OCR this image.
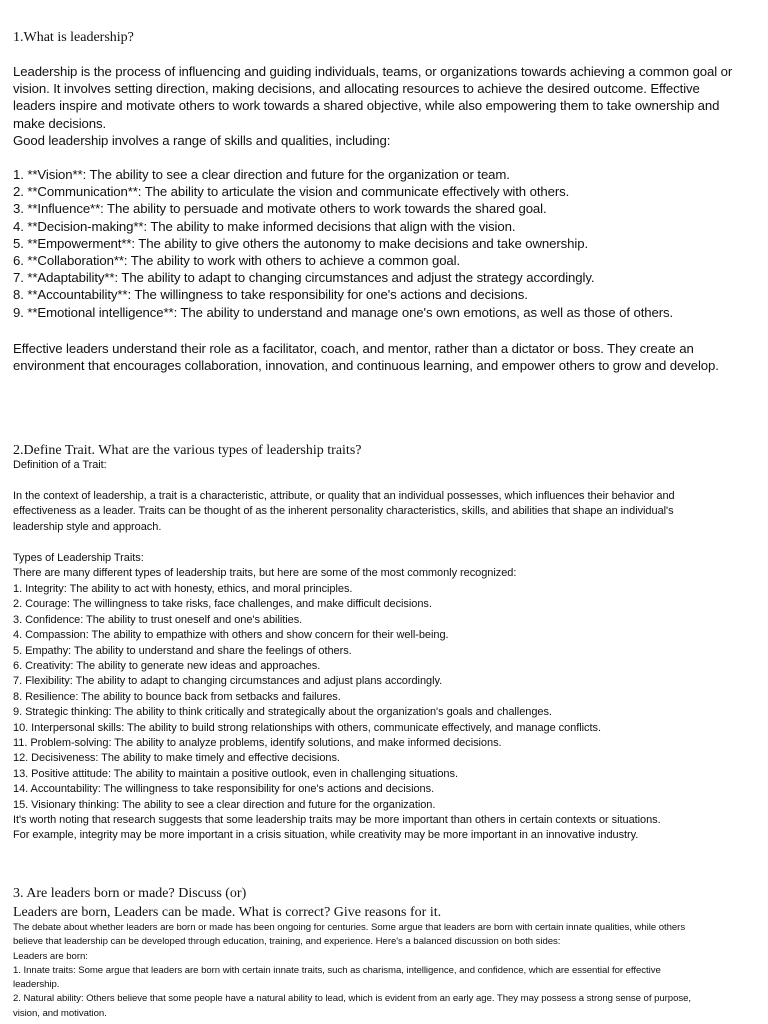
1.What is leadership?
Leadership is the process of influencing and guiding individuals, teams, or organizations towards achieving a common goal or
vision. It involves setting direction, making decisions, and allocating resources to achieve the desired outcome. Effective
leaders inspire and motivate others to work towards a shared objective, while also empowering them to take ownership and
make decisions.
Good leadership involves a range of skills and qualities, including:
1. **Vision**: The ability to see a clear direction and future for the organization or team.
2. **Communication**: The ability to articulate the vision and communicate effectively with others.
3. **Influence**: The ability to persuade and motivate others to work towards the shared goal.
4. **Decision-making**: The ability to make informed decisions that align with the vision.
5. **Empowerment**: The ability to give others the autonomy to make decisions and take ownership.
6. **Collaboration**: The ability to work with others to achieve a common goal.
7. **Adaptability**: The ability to adapt to changing circumstances and adjust the strategy accordingly.
8. **Accountability**: The willingness to take responsibility for one's actions and decisions.
9. **Emotional intelligence**: The ability to understand and manage one's own emotions, as well as those of others.
Effective leaders understand their role as a facilitator, coach, and mentor, rather than a dictator or boss. They create an
environment that encourages collaboration, innovation, and continuous learning, and empower others to grow and develop.
2.Define Trait. What are the various types of leadership traits?
Definition of a Trait:
In the context of leadership, a trait is a characteristic, attribute, or quality that an individual possesses, which influences their behavior and
effectiveness as a leader. Traits can be thought of as the inherent personality characteristics, skills, and abilities that shape an individual's
leadership style and approach.
Types of Leadership Traits:
There are many different types of leadership traits, but here are some of the most commonly recognized:
1. Integrity: The ability to act with honesty, ethics, and moral principles.
2. Courage: The willingness to take risks, face challenges, and make difficult decisions.
3. Confidence: The ability to trust oneself and one's abilities.
4. Compassion: The ability to empathize with others and show concern for their well-being.
5. Empathy: The ability to understand and share the feelings of others.
6. Creativity: The ability to generate new ideas and approaches.
7. Flexibility: The ability to adapt to changing circumstances and adjust plans accordingly.
8. Resilience: The ability to bounce back from setbacks and failures.
9. Strategic thinking: The ability to think critically and strategically about the organization's goals and challenges.
10. Interpersonal skills: The ability to build strong relationships with others, communicate effectively, and manage conflicts.
11. Problem-solving: The ability to analyze problems, identify solutions, and make informed decisions.
12. Decisiveness: The ability to make timely and effective decisions.
13. Positive attitude: The ability to maintain a positive outlook, even in challenging situations.
14. Accountability: The willingness to take responsibility for one's actions and decisions.
15. Visionary thinking: The ability to see a clear direction and future for the organization.
It's worth noting that research suggests that some leadership traits may be more important than others in certain contexts or situations.
For example, integrity may be more important in a crisis situation, while creativity may be more important in an innovative industry.
3. Are leaders born or made? Discuss (or)
Leaders are born, Leaders can be made. What is correct? Give reasons for it.
The debate about whether leaders are born or made has been ongoing for centuries. Some argue that leaders are born with certain innate qualities, while others
believe that leadership can be developed through education, training, and experience. Here's a balanced discussion on both sides:
Leaders are born:
1. Innate traits: Some argue that leaders are born with certain innate traits, such as charisma, intelligence, and confidence, which are essential for effective
leadership.
2. Natural ability: Others believe that some people have a natural ability to lead, which is evident from an early age. They may possess a strong sense of purpose,
vision, and motivation.
